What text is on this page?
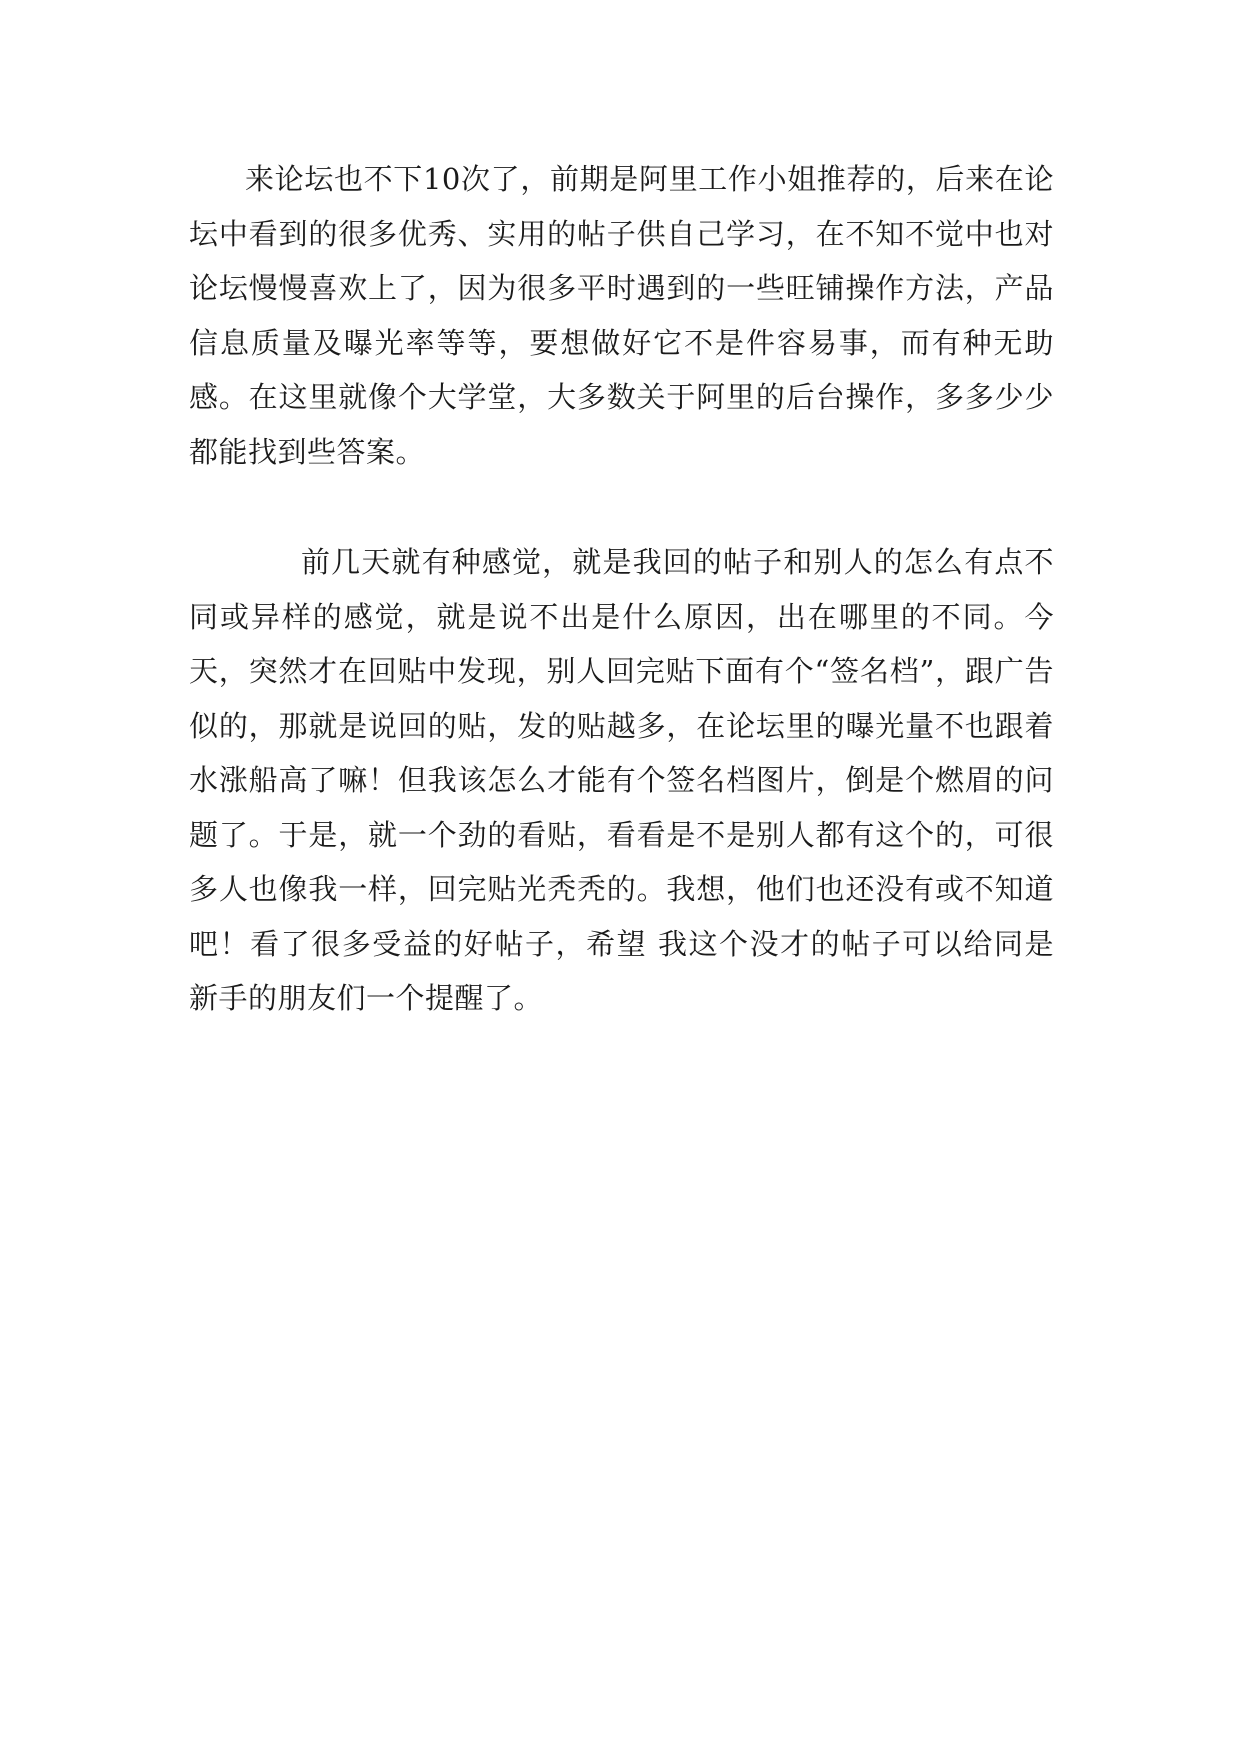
来论坛也不下10次了，前期是阿里工作小姐推荐的，后来在论坛中看到的很多优秀、实用的帖子供自己学习，在不知不觉中也对论坛慢慢喜欢上了，因为很多平时遇到的一些旺铺操作方法，产品信息质量及曝光率等等，要想做好它不是件容易事，而有种无助感。在这里就像个大学堂，大多数关于阿里的后台操作，多多少少都能找到些答案。

前几天就有种感觉，就是我回的帖子和别人的怎么有点不同或异样的感觉，就是说不出是什么原因，出在哪里的不同。今天，突然才在回贴中发现，别人回完贴下面有个“签名档”，跟广告似的，那就是说回的贴，发的贴越多，在论坛里的曝光量不也跟着水涨船高了嘛！但我该怎么才能有个签名档图片，倒是个燃眉的问题了。于是，就一个劲的看贴，看看是不是别人都有这个的，可很多人也像我一样，回完贴光秃秃的。我想，他们也还没有或不知道吧！看了很多受益的好帖子，希望 我这个没才的帖子可以给同是新手的朋友们一个提醒了。
